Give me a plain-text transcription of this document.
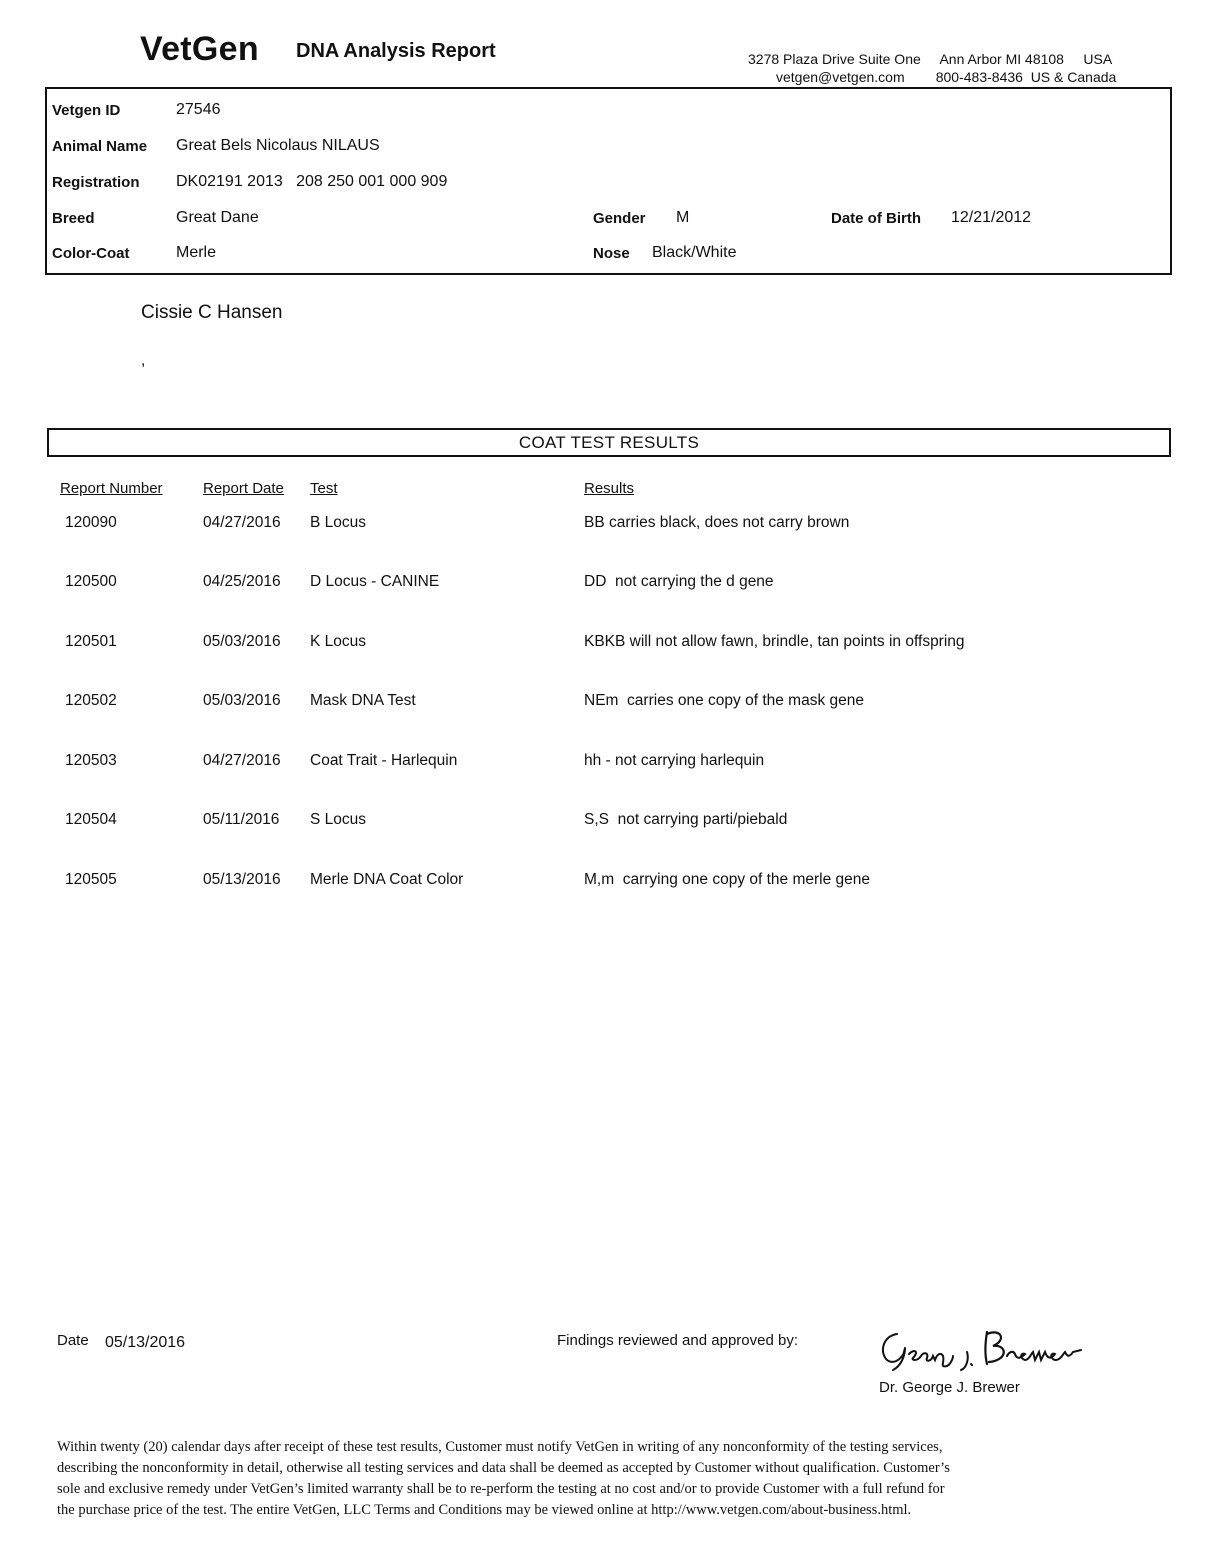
VetGen DNA Analysis Report	3278 Plaza Drive Suite One     Ann Arbor MI 48108     USA
vetgen@vetgen.com        800-483-8436  US & Canada
Vetgen ID	27546
Animal Name Great Bels Nicolaus NILAUS
Registration DK02191 2013   208 250 001 000 909
Breed	Great Dane	Gender M	Date of Birth 12/21/2012
Color-Coat	Merle	Nose Black/White
Cissie C Hansen
,
COAT TEST RESULTS
Report Number	Report Date Test	Results
120090	04/27/2016 B Locus	BB carries black, does not carry brown
120500	04/25/2016 D Locus - CANINE	DD  not carrying the d gene
120501	05/03/2016 K Locus	KBKB will not allow fawn, brindle, tan points in offspring
120502	05/03/2016 Mask DNA Test	NEm  carries one copy of the mask gene
120503	04/27/2016 Coat Trait - Harlequin	hh - not carrying harlequin
120504	05/11/2016 S Locus	S,S  not carrying parti/piebald
120505	05/13/2016 Merle DNA Coat Color	M,m  carrying one copy of the merle gene
Date 05/13/2016	Findings reviewed and approved by:
Dr. George J. Brewer
Within twenty (20) calendar days after receipt of these test results, Customer must notify VetGen in writing of any nonconformity of the testing services,
describing the nonconformity in detail, otherwise all testing services and data shall be deemed as accepted by Customer without qualification. Customer’s
sole and exclusive remedy under VetGen’s limited warranty shall be to re-perform the testing at no cost and/or to provide Customer with a full refund for
the purchase price of the test. The entire VetGen, LLC Terms and Conditions may be viewed online at http://www.vetgen.com/about-business.html.
